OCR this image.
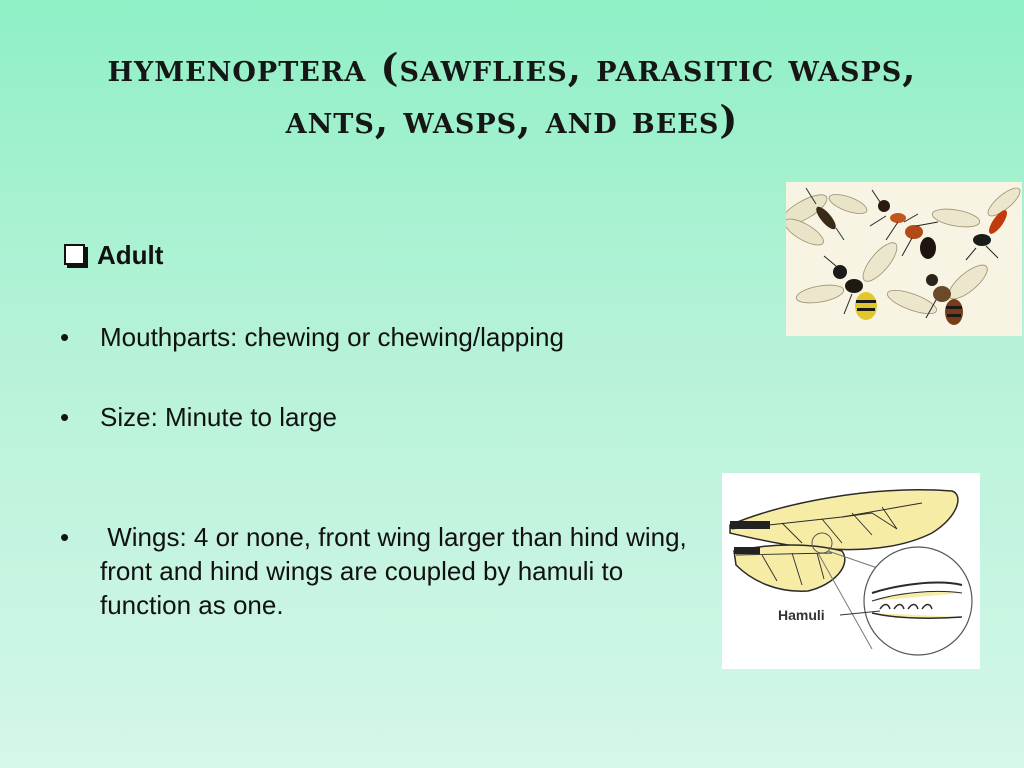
hymenoptera (sawflies, parasitic wasps, ants, wasps, and bees)
Adult
•	Mouthparts: chewing or chewing/lapping
•	Size: Minute to large
•	Wings: 4 or none, front wing larger than hind wing, front and hind wings are coupled by hamuli to function as one.	Hamuli
